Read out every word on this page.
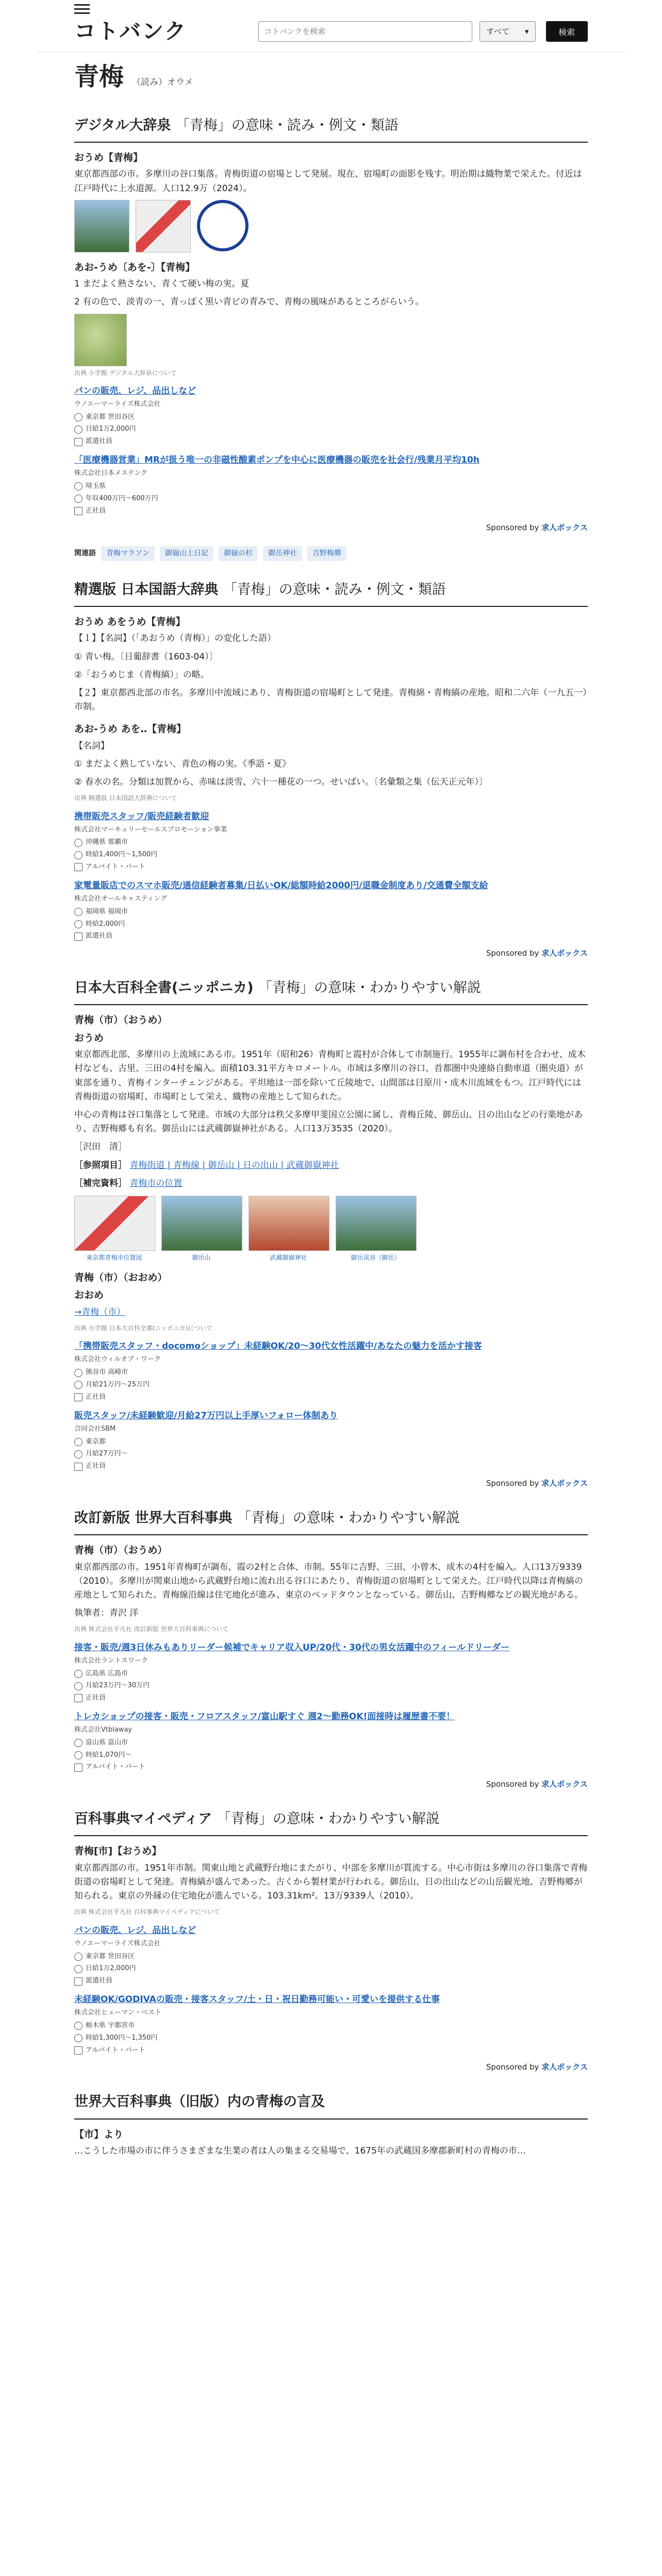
コトバンク
コトバンクを検索	すべて ▾	検索
青梅 （読み）オウメ
デジタル大辞泉 「青梅」の意味・読み・例文・類語
おうめ【青梅】

東京都西部の市。多摩川の谷口集落。青梅街道の宿場として発展。現在、宿場町の面影を残す。明治期は織物業で栄えた。付近は江戸時代に上水道源。人口12.9万（2024）。

あお‐うめ〔あを‐〕【青梅】

1 まだよく熟さない、青くて硬い梅の実。夏

2 有の色で、淡青の一、青っぽく黒い青ビの青みで、青梅の風味があるところがらいう。

出典 小学館 デジタル大辞泉について
パンの販売、レジ、品出しなど
ウノエーマーライズ株式会社
東京都 世田谷区
日給1万2,000円
派遣社員
「医療機器営業」MRが扱う唯一の非磁性酸素ポンプを中心に医療機器の販売を社会行/残業月平均10h
株式会社日本メステンク
埼玉県
年収400万円〜600万円
正社員
Sponsored by 求人ボックス
関連語	青梅マラソン	御嶽山上日記	御嶽の杉	御岳神社	吉野梅郷
精選版 日本国語大辞典 「青梅」の意味・読み・例文・類語
おうめ あをうめ【青梅】

【１】【名詞】（「あおうめ（青梅）」の変化した語）

① 青い梅。〔日葡辞書（1603-04）〕

②「おうめじま（青梅縞）」の略。

【２】東京都西北部の市名。多摩川中流域にあり、青梅街道の宿場町として発達。青梅綿・青梅縞の産地。昭和二六年（一九五一）市制。

あお‐うめ あを‥【青梅】

【名詞】

① まだよく熟していない、青色の梅の実。《季語・夏》

② 春水の名。分類は加賀から、赤味は淡雪、六十一種花の一つ。せいばい。〔名彙類之集（伝天正元年）〕

出典 精選版 日本国語大辞典について
携帯販売スタッフ/販売経験者歓迎
株式会社マーキュリーセールスプロモーション事業
沖縄県 那覇市
時給1,400円〜1,500円
アルバイト・パート
家電量販店でのスマホ販売/通信経験者募集/日払いOK/総額時給2000円/退職金制度あり/交通費全額支給
株式会社オールキャスティング
福岡県 福岡市
時給2,000円
派遣社員
Sponsored by 求人ボックス
日本大百科全書(ニッポニカ) 「青梅」の意味・わかりやすい解説
青梅（市）（おうめ）
おうめ

東京都西北部、多摩川の上流域にある市。1951年（昭和26）青梅町と霞村が合体して市制施行。1955年に調布村を合わせ、成木村なども、古里、三田の4村を編入。面積103.31平方キロメートル。市域は多摩川の谷口、首都圏中央連絡自動車道（圏央道）が東部を通り、青梅インターチェンジがある。平坦地は一部を除いて丘陵地で、山間部は日原川・成木川流域をもつ。江戸時代には青梅街道の宿場町、市場町として栄え、織物の産地として知られた。

中心の青梅は谷口集落として発達。市域の大部分は秩父多摩甲斐国立公園に属し、青梅丘陵、御岳山、日の出山などの行楽地があり、吉野梅郷も有名。御岳山には武蔵御嶽神社がある。人口13万3535（2020）。

［沢田　清］

［参照項目］ 青梅街道 | 青梅線 | 御岳山 | 日の出山 | 武蔵御嶽神社

［補完資料］ 青梅市の位置

東京都青梅市位置図	御岳山	武蔵御嶽神社	御岳渓谷（御岳）
青梅（市）（おおめ）
おおめ

→青梅（市）

出典 小学館 日本大百科全書(ニッポニカ)について
「携帯販売スタッフ・docomoショップ」未経験OK/20〜30代女性活躍中/あなたの魅力を活かす接客
株式会社ウィルオブ・ワーク
熊谷市 高崎市
月給21万円〜25万円
正社員
販売スタッフ/未経験歓迎/月給27万円以上手厚いフォロー体制あり
合同会社SBM
東京都
月給27万円〜
正社員
Sponsored by 求人ボックス
改訂新版 世界大百科事典 「青梅」の意味・わかりやすい解説
青梅（市）（おうめ）

東京都西部の市。1951年青梅町が調布、霞の2村と合体、市制。55年に吉野、三田、小曾木、成木の4村を編入。人口13万9339（2010）。多摩川が関東山地から武蔵野台地に流れ出る谷口にあたり、青梅街道の宿場町として栄えた。江戸時代以降は青梅縞の産地として知られた。青梅線沿線は住宅地化が進み、東京のベッドタウンとなっている。御岳山、吉野梅郷などの観光地がある。

執筆者：青沢 洋

出典 株式会社平凡社 改訂新版 世界大百科事典について
接客・販売/週3日休みもありリーダー候補でキャリア収入UP/20代・30代の男女活躍中のフィールドリーダー
株式会社ラントスワーク
広島県 広島市
月給23万円〜30万円
正社員
トレカショップの接客・販売・フロアスタッフ/富山駅すぐ 週2〜勤務OK!面接時は履歴書不要！
株式会社Vtblaway
富山県 富山市
時給1,070円〜
アルバイト・パート
Sponsored by 求人ボックス
百科事典マイペディア 「青梅」の意味・わかりやすい解説
青梅[市]【おうめ】

東京都西部の市。1951年市制。関東山地と武蔵野台地にまたがり、中部を多摩川が貫流する。中心市街は多摩川の谷口集落で青梅街道の宿場町として発達。青梅縞が盛んであった。古くから製材業が行われる。御岳山、日の出山などの山岳観光地、吉野梅郷が知られる。東京の外縁の住宅地化が進んでいる。103.31km²。13万9339人（2010）。

出典 株式会社平凡社 百科事典マイペディアについて
パンの販売、レジ、品出しなど
ウノエーマーライズ株式会社
東京都 世田谷区
日給1万2,000円
派遣社員
未経験OK/GODIVAの販売・接客スタッフ/土・日・祝日勤務可能い・可愛いを提供する仕事
株式会社ヒューマン・ベスト
栃木県 宇都宮市
時給1,300円〜1,350円
アルバイト・パート
Sponsored by 求人ボックス
世界大百科事典（旧版）内の青梅の言及
【市】より

…こうした市場の市に伴うさまざまな生業の者は人の集まる交易場で、1675年の武蔵国多摩郡新町村の青梅の市…
